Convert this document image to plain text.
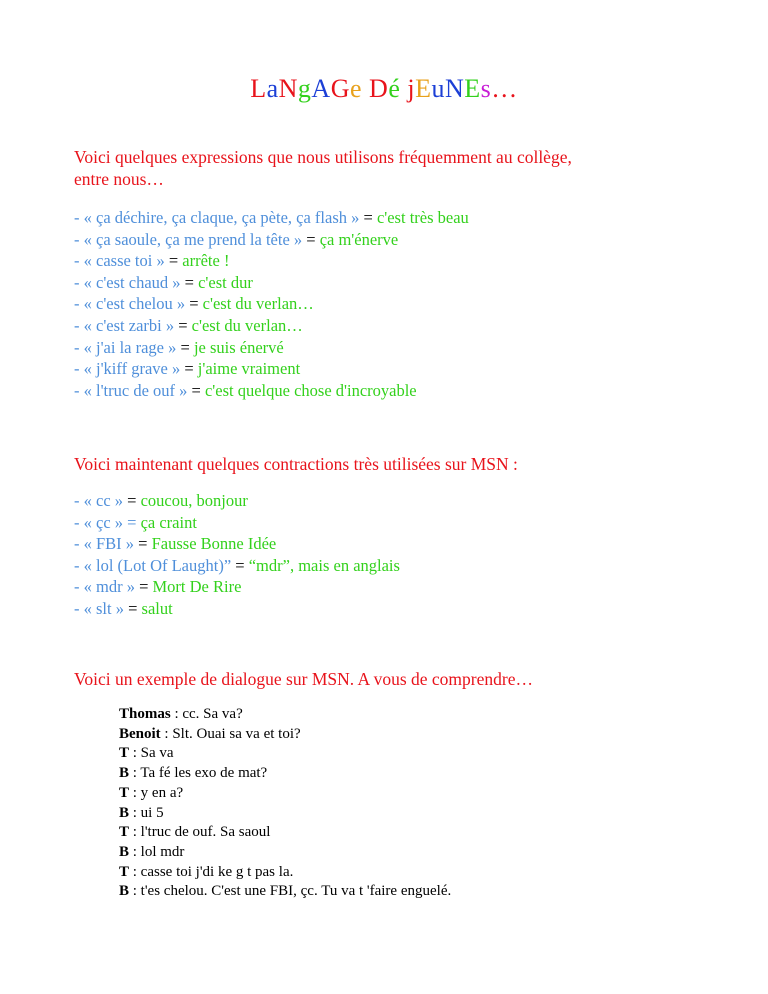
LaNgAGe Dé jEuNEs…
Voici quelques expressions que nous utilisons fréquemment au collège,
entre nous…
- « ça déchire, ça claque, ça pète, ça flash » = c'est très beau
- « ça saoule, ça me prend la tête » = ça m'énerve
- « casse toi » = arrête !
- « c'est chaud » = c'est dur
- « c'est chelou » = c'est du verlan…
- « c'est zarbi » = c'est du verlan…
- « j'ai la rage » = je suis énervé
- « j'kiff grave » = j'aime vraiment
- « l'truc de ouf » = c'est quelque chose d'incroyable
Voici maintenant quelques contractions très utilisées sur MSN :
- « cc » = coucou, bonjour
- « çc » = ça craint
- « FBI » = Fausse Bonne Idée
- « lol (Lot Of Laught)” = “mdr”, mais en anglais
- « mdr » = Mort De Rire
- « slt » = salut
Voici un exemple de dialogue sur MSN. A vous de comprendre…
Thomas : cc. Sa va?
Benoit : Slt. Ouai sa va et toi?
T : Sa va
B : Ta fé les exo de mat?
T : y en a?
B : ui 5
T : l'truc de ouf. Sa saoul
B : lol mdr
T : casse toi j'di ke g t pas la.
B : t'es chelou. C'est une FBI, çc. Tu va t 'faire enguelé.
